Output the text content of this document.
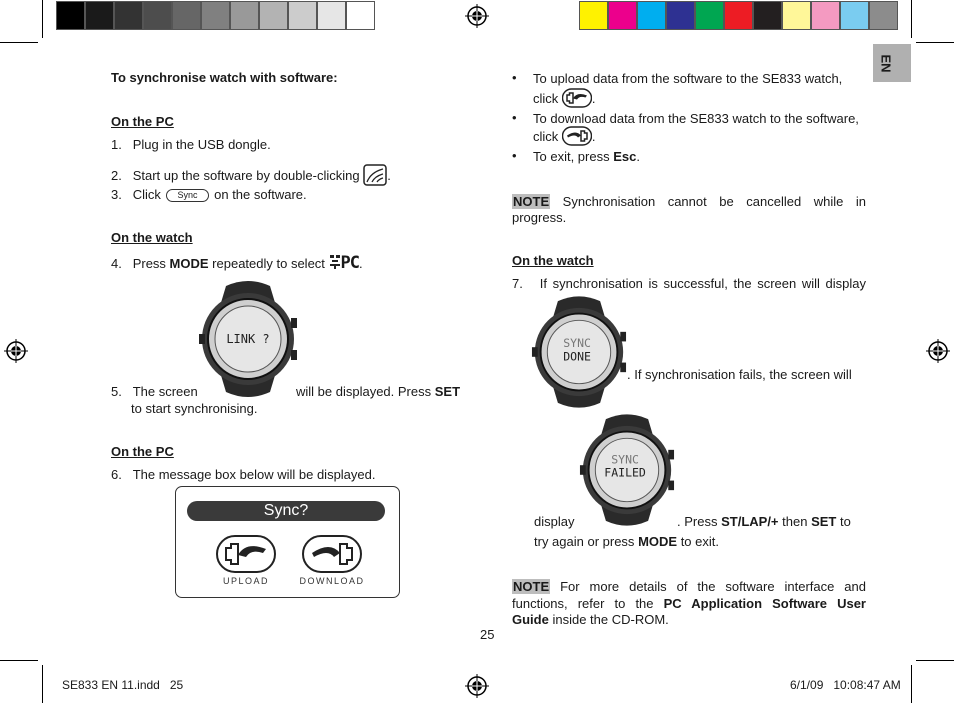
EN
To synchronise watch with software:
On the PC
1. Plug in the USB dongle.
2. Start up the software by double-clicking .
3. Click Sync on the software.
On the watch
4. Press MODE repeatedly to select PC.
LINK ?
5. The screen	will be displayed. Press SET
to start synchronising.
On the PC
6. The message box below will be displayed.
Sync?
UPLOAD	DOWNLOAD
• To upload data from the software to the SE833 watch,
click	.
• To download data from the SE833 watch to the software,
click	.
• To exit, press Esc.
NOTE Synchronisation cannot be cancelled while in
progress.
On the watch
7. If synchronisation is successful, the screen will display
SYNC
DONE
. If synchronisation fails, the screen will
SYNC
FAILED
display	. Press ST/LAP/+ then SET to
try again or press MODE to exit.
NOTE For more details of the software interface and
functions, refer to the PC Application Software User
Guide inside the CD-ROM.
25
SE833 EN 11.indd   25	6/1/09   10:08:47 AM
